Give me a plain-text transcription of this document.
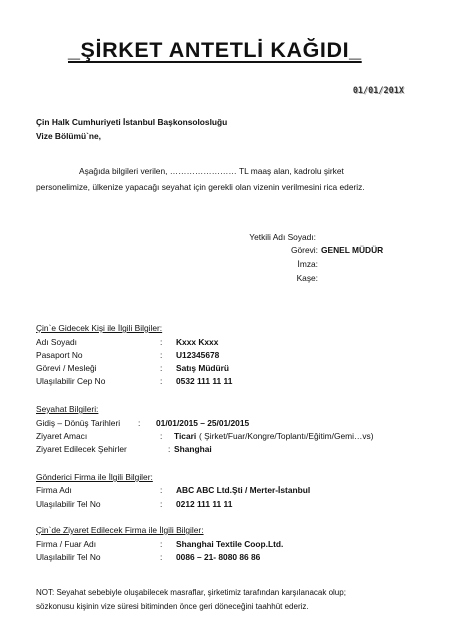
_ŞİRKET ANTETLİ KAĞIDI_
01/01/201X
Çin Halk Cumhuriyeti İstanbul Başkonsolosluğu
Vize Bölümü`ne,
Aşağıda bilgileri verilen, …………………… TL maaş alan, kadrolu şirket
personelimize, ülkenize yapacağı seyahat için gerekli olan vizenin verilmesini rica ederiz.
Yetkili Adı Soyadı:
Görevi: GENEL MÜDÜR
İmza:
Kaşe:
Çin`e Gidecek Kişi ile İlgili Bilgiler:
Adı Soyadı	: Kxxx Kxxx
Pasaport No	: U12345678
Görevi / Mesleği	: Satış Müdürü
Ulaşılabilir Cep No	: 0532 111 11 11
Seyahat Bilgileri:
Gidiş – Dönüş Tarihleri : 01/01/2015 – 25/01/2015
Ziyaret Amacı	: Ticari ( Şirket/Fuar/Kongre/Toplantı/Eğitim/Gemi…vs)
Ziyaret Edilecek Şehirler	: Shanghai
Gönderici Firma ile İlgili Bilgiler:
Firma Adı	: ABC ABC Ltd.Şti / Merter-İstanbul
Ulaşılabilir Tel No	: 0212 111 11 11
Çin`de Ziyaret Edilecek Firma ile İlgili Bilgiler:
Firma / Fuar Adı	: Shanghai Textile Coop.Ltd.
Ulaşılabilir Tel No	: 0086 – 21- 8080 86 86
NOT: Seyahat sebebiyle oluşabilecek masraflar, şirketimiz tarafından karşılanacak olup;
sözkonusu kişinin vize süresi bitiminden önce geri döneceğini taahhüt ederiz.
